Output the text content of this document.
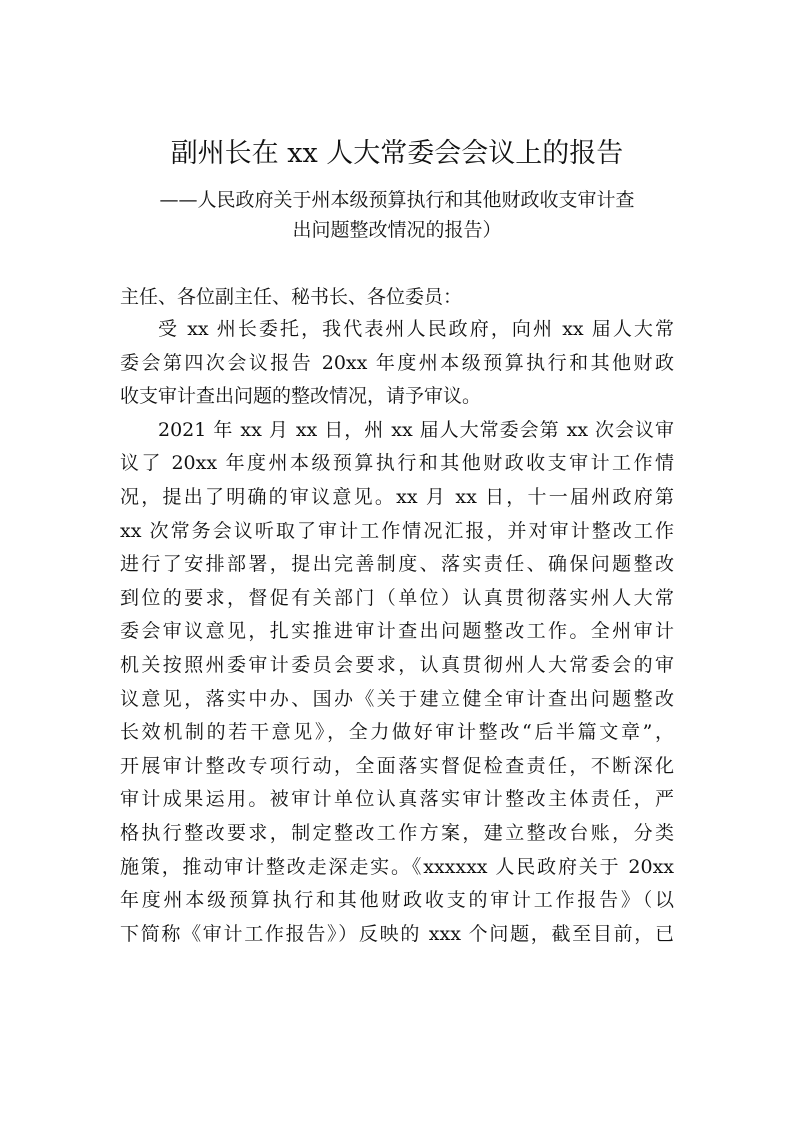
副州长在 xx 人大常委会会议上的报告
——人民政府关于州本级预算执行和其他财政收支审计查
出问题整改情况的报告）
主任、各位副主任、秘书长、各位委员：
受 xx 州长委托，我代表州人民政府，向州 xx 届人大常
委会第四次会议报告 20xx 年度州本级预算执行和其他财政
收支审计查出问题的整改情况，请予审议。
2021 年 xx 月 xx 日，州 xx 届人大常委会第 xx 次会议审
议了 20xx 年度州本级预算执行和其他财政收支审计工作情
况，提出了明确的审议意见。xx 月 xx 日，十一届州政府第
xx 次常务会议听取了审计工作情况汇报，并对审计整改工作
进行了安排部署，提出完善制度、落实责任、确保问题整改
到位的要求，督促有关部门（单位）认真贯彻落实州人大常
委会审议意见，扎实推进审计查出问题整改工作。全州审计
机关按照州委审计委员会要求，认真贯彻州人大常委会的审
议意见，落实中办、国办《关于建立健全审计查出问题整改
长效机制的若干意见》，全力做好审计整改“后半篇文章”，
开展审计整改专项行动，全面落实督促检查责任，不断深化
审计成果运用。被审计单位认真落实审计整改主体责任，严
格执行整改要求，制定整改工作方案，建立整改台账，分类
施策，推动审计整改走深走实。《xxxxxx 人民政府关于 20xx
年度州本级预算执行和其他财政收支的审计工作报告》（以
下简称《审计工作报告》）反映的 xxx 个问题，截至目前，已
